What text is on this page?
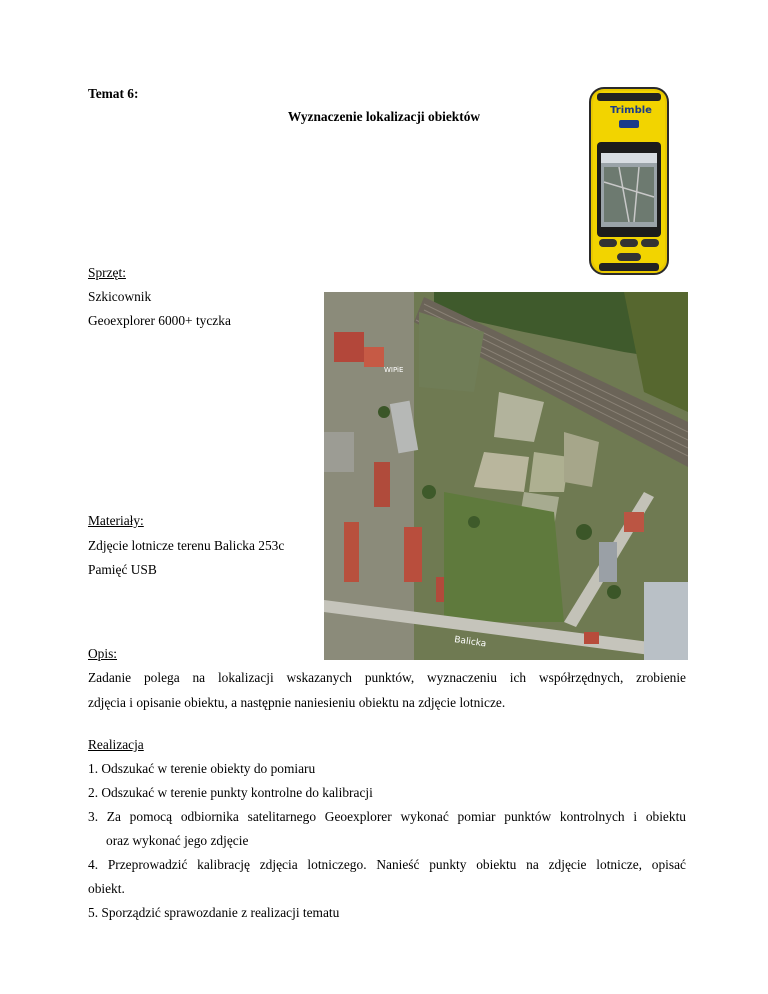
Temat 6:
Wyznaczenie lokalizacji obiektów	Trimble
Sprzęt:
Szkicownik
Geoexplorer 6000+ tyczka
Balicka
WIPiE
Materiały:
Zdjęcie lotnicze terenu Balicka 253c
Pamięć USB
Opis:
Zadanie polega na lokalizacji wskazanych punktów, wyznaczeniu ich współrzędnych, zrobienie
zdjęcia i opisanie obiektu, a następnie naniesieniu obiektu na zdjęcie lotnicze.
Realizacja
1. Odszukać w terenie obiekty do pomiaru
2. Odszukać w terenie punkty kontrolne do kalibracji
3. Za pomocą odbiornika satelitarnego Geoexplorer wykonać pomiar punktów kontrolnych i obiektu
oraz wykonać jego zdjęcie
4. Przeprowadzić kalibrację zdjęcia lotniczego. Nanieść punkty obiektu na zdjęcie lotnicze, opisać
obiekt.
5. Sporządzić sprawozdanie z realizacji tematu
